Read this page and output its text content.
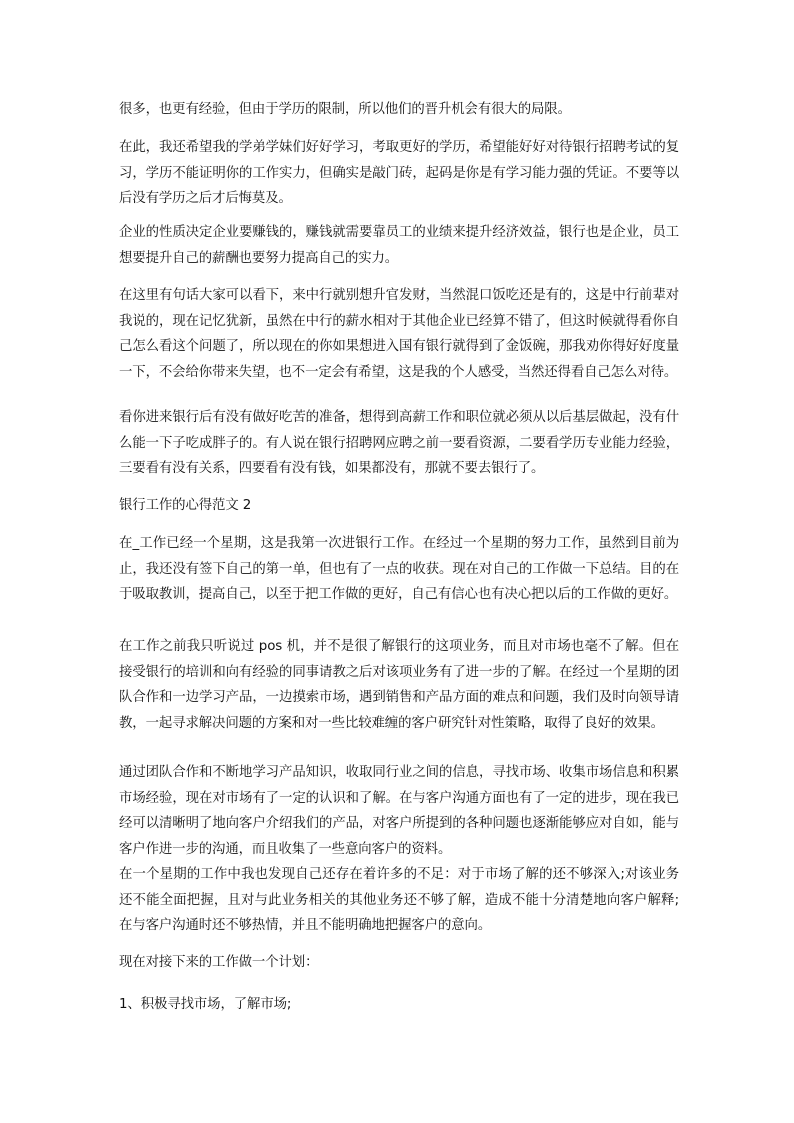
很多，也更有经验，但由于学历的限制，所以他们的晋升机会有很大的局限。

在此，我还希望我的学弟学妹们好好学习，考取更好的学历，希望能好好对待银行招聘考试的复习，学历不能证明你的工作实力，但确实是敲门砖，起码是你是有学习能力强的凭证。不要等以后没有学历之后才后悔莫及。

企业的性质决定企业要赚钱的，赚钱就需要靠员工的业绩来提升经济效益，银行也是企业，员工想要提升自己的薪酬也要努力提高自己的实力。

在这里有句话大家可以看下，来中行就别想升官发财，当然混口饭吃还是有的，这是中行前辈对我说的，现在记忆犹新，虽然在中行的薪水相对于其他企业已经算不错了，但这时候就得看你自己怎么看这个问题了，所以现在的你如果想进入国有银行就得到了金饭碗，那我劝你得好好度量一下，不会给你带来失望，也不一定会有希望，这是我的个人感受，当然还得看自己怎么对待。

看你进来银行后有没有做好吃苦的准备，想得到高薪工作和职位就必须从以后基层做起，没有什么能一下子吃成胖子的。有人说在银行招聘网应聘之前一要看资源，二要看学历专业能力经验，三要看有没有关系，四要看有没有钱，如果都没有，那就不要去银行了。

银行工作的心得范文 2

在_工作已经一个星期，这是我第一次进银行工作。在经过一个星期的努力工作，虽然到目前为止，我还没有签下自己的第一单，但也有了一点的收获。现在对自己的工作做一下总结。目的在于吸取教训，提高自己，以至于把工作做的更好，自己有信心也有决心把以后的工作做的更好。

在工作之前我只听说过 pos 机，并不是很了解银行的这项业务，而且对市场也毫不了解。但在接受银行的培训和向有经验的同事请教之后对该项业务有了进一步的了解。在经过一个星期的团队合作和一边学习产品，一边摸索市场，遇到销售和产品方面的难点和问题，我们及时向领导请教，一起寻求解决问题的方案和对一些比较难缠的客户研究针对性策略，取得了良好的效果。

通过团队合作和不断地学习产品知识，收取同行业之间的信息，寻找市场、收集市场信息和积累市场经验，现在对市场有了一定的认识和了解。在与客户沟通方面也有了一定的进步，现在我已经可以清晰明了地向客户介绍我们的产品，对客户所提到的各种问题也逐渐能够应对自如，能与客户作进一步的沟通，而且收集了一些意向客户的资料。

在一个星期的工作中我也发现自己还存在着许多的不足：对于市场了解的还不够深入;对该业务还不能全面把握，且对与此业务相关的其他业务还不够了解，造成不能十分清楚地向客户解释;在与客户沟通时还不够热情，并且不能明确地把握客户的意向。

现在对接下来的工作做一个计划：

1、积极寻找市场，了解市场;
